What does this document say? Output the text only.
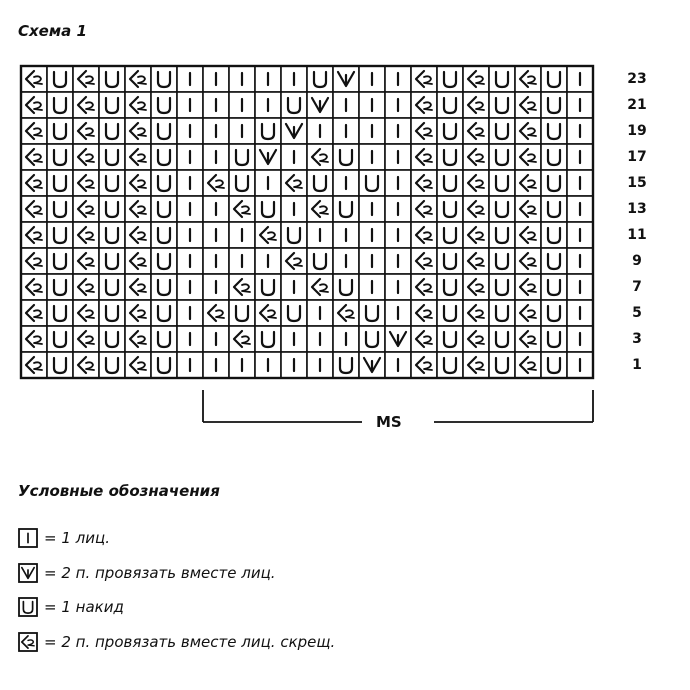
Схема 1
23
21
19
17
15
13
11
9
7
5
3
1
MS
Условные обозначения
= 1 лиц.
= 2 п. провязать вместе лиц.
= 1 накид
= 2 п. провязать вместе лиц. скрещ.
